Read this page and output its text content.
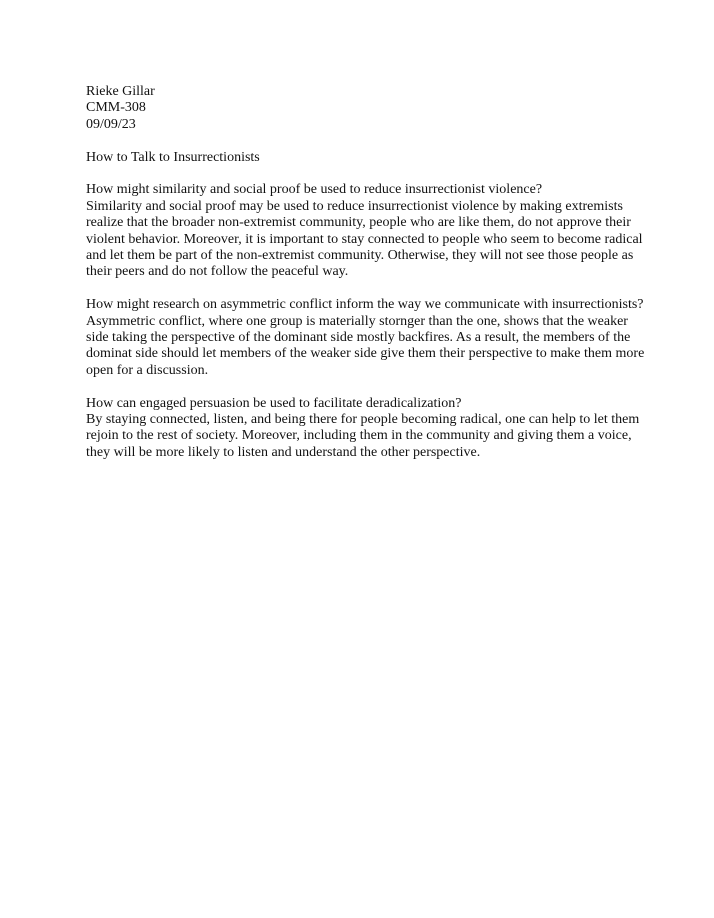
Rieke Gillar
CMM-308
09/09/23
How to Talk to Insurrectionists

How might similarity and social proof be used to reduce insurrectionist violence?

Similarity and social proof may be used to reduce insurrectionist violence by making extremists realize that the broader non-extremist community, people who are like them, do not approve their violent behavior. Moreover, it is important to stay connected to people who seem to become radical and let them be part of the non-extremist community. Otherwise, they will not see those people as their peers and do not follow the peaceful way.

How might research on asymmetric conflict inform the way we communicate with insurrectionists?

Asymmetric conflict, where one group is materially stornger than the one, shows that the weaker side taking the perspective of the dominant side mostly backfires. As a result, the members of the dominat side should let members of the weaker side give them their perspective to make them more open for a discussion.

How can engaged persuasion be used to facilitate deradicalization?

By staying connected, listen, and being there for people becoming radical, one can help to let them rejoin to the rest of society. Moreover, including them in the community and giving them a voice, they will be more likely to listen and understand the other perspective.
